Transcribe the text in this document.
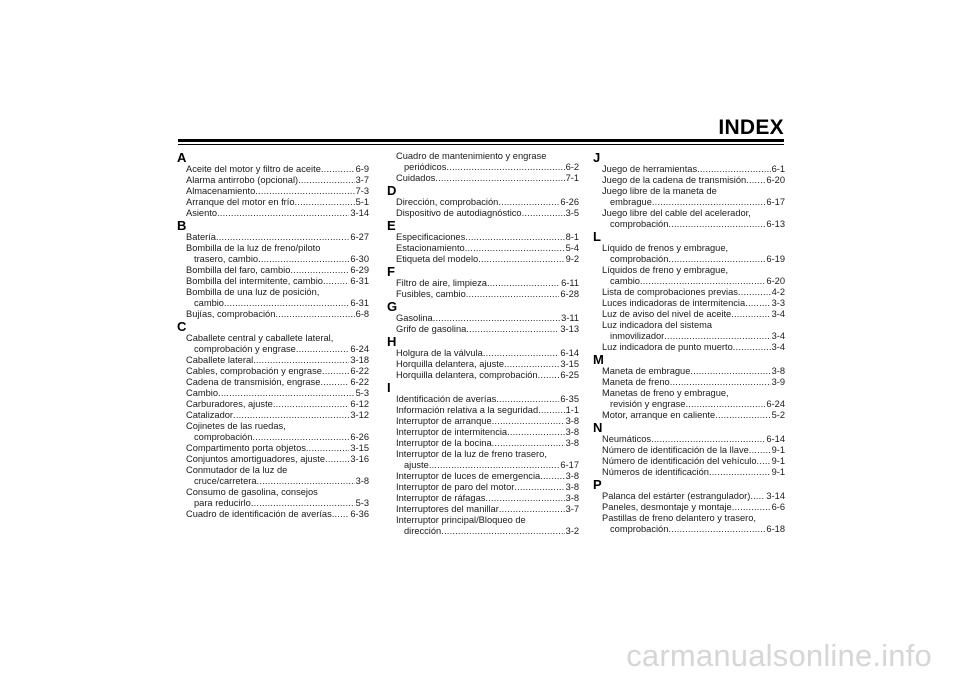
INDEX
A
Aceite del motor y filtro de aceite .....	6-9
Alarma antirrobo (opcional) .....	3-7
Almacenamiento .....	7-3
Arranque del motor en frío .....	5-1
Asiento .....	3-14
B
Batería .....	6-27
Bombilla de la luz de freno/piloto
trasero, cambio .....	6-30
Bombilla del faro, cambio .....	6-29
Bombilla del intermitente, cambio .....	6-31
Bombilla de una luz de posición,
cambio .....	6-31
Bujías, comprobación .....	6-8
C
Caballete central y caballete lateral,
comprobación y engrase .....	6-24
Caballete lateral .....	3-18
Cables, comprobación y engrase .....	6-22
Cadena de transmisión, engrase .....	6-22
Cambio .....	5-3
Carburadores, ajuste .....	6-12
Catalizador .....	3-12
Cojinetes de las ruedas,
comprobación .....	6-26
Compartimento porta objetos .....	3-15
Conjuntos amortiguadores, ajuste .....	3-16
Conmutador de la luz de
cruce/carretera .....	3-8
Consumo de gasolina, consejos
para reducirlo .....	5-3
Cuadro de identificación de averías ..... 6-36
Cuadro de mantenimiento y engrase
periódicos .....	6-2
Cuidados .....	7-1
D
Dirección, comprobación .....	6-26
Dispositivo de autodiagnóstico .....	3-5
E
Especificaciones .....	8-1
Estacionamiento .....	5-4
Etiqueta del modelo .....	9-2
F
Filtro de aire, limpieza .....	6-11
Fusibles, cambio .....	6-28
G
Gasolina .....	3-11
Grifo de gasolina .....	3-13
H
Holgura de la válvula .....	6-14
Horquilla delantera, ajuste .....	3-15
Horquilla delantera, comprobación ..... 6-25
I
Identificación de averías .....	6-35
Información relativa a la seguridad .....	1-1
Interruptor de arranque .....	3-8
Interruptor de intermitencia .....	3-8
Interruptor de la bocina .....	3-8
Interruptor de la luz de freno trasero,
ajuste .....	6-17
Interruptor de luces de emergencia .....	3-8
Interruptor de paro del motor .....	3-8
Interruptor de ráfagas .....	3-8
Interruptores del manillar .....	3-7
Interruptor principal/Bloqueo de
dirección .....	3-2
J
Juego de herramientas .....	6-1
Juego de la cadena de transmisión ..... 6-20
Juego libre de la maneta de
embrague .....	6-17
Juego libre del cable del acelerador,
comprobación .....	6-13
L
Líquido de frenos y embrague,
comprobación .....	6-19
Líquidos de freno y embrague,
cambio .....	6-20
Lista de comprobaciones previas .....	4-2
Luces indicadoras de intermitencia .....	3-3
Luz de aviso del nivel de aceite .....	3-4
Luz indicadora del sistema
inmovilizador .....	3-4
Luz indicadora de punto muerto .....	3-4
M
Maneta de embrague .....	3-8
Maneta de freno .....	3-9
Manetas de freno y embrague,
revisión y engrase .....	6-24
Motor, arranque en caliente .....	5-2
N
Neumáticos .....	6-14
Número de identificación de la llave ..... 9-1
Número de identificación del vehículo ..... 9-1
Números de identificación .....	9-1
P
Palanca del estárter (estrangulador) ..... 3-14
Paneles, desmontaje y montaje .....	6-6
Pastillas de freno delantero y trasero,
comprobación .....	6-18
carmanualsonline.info
